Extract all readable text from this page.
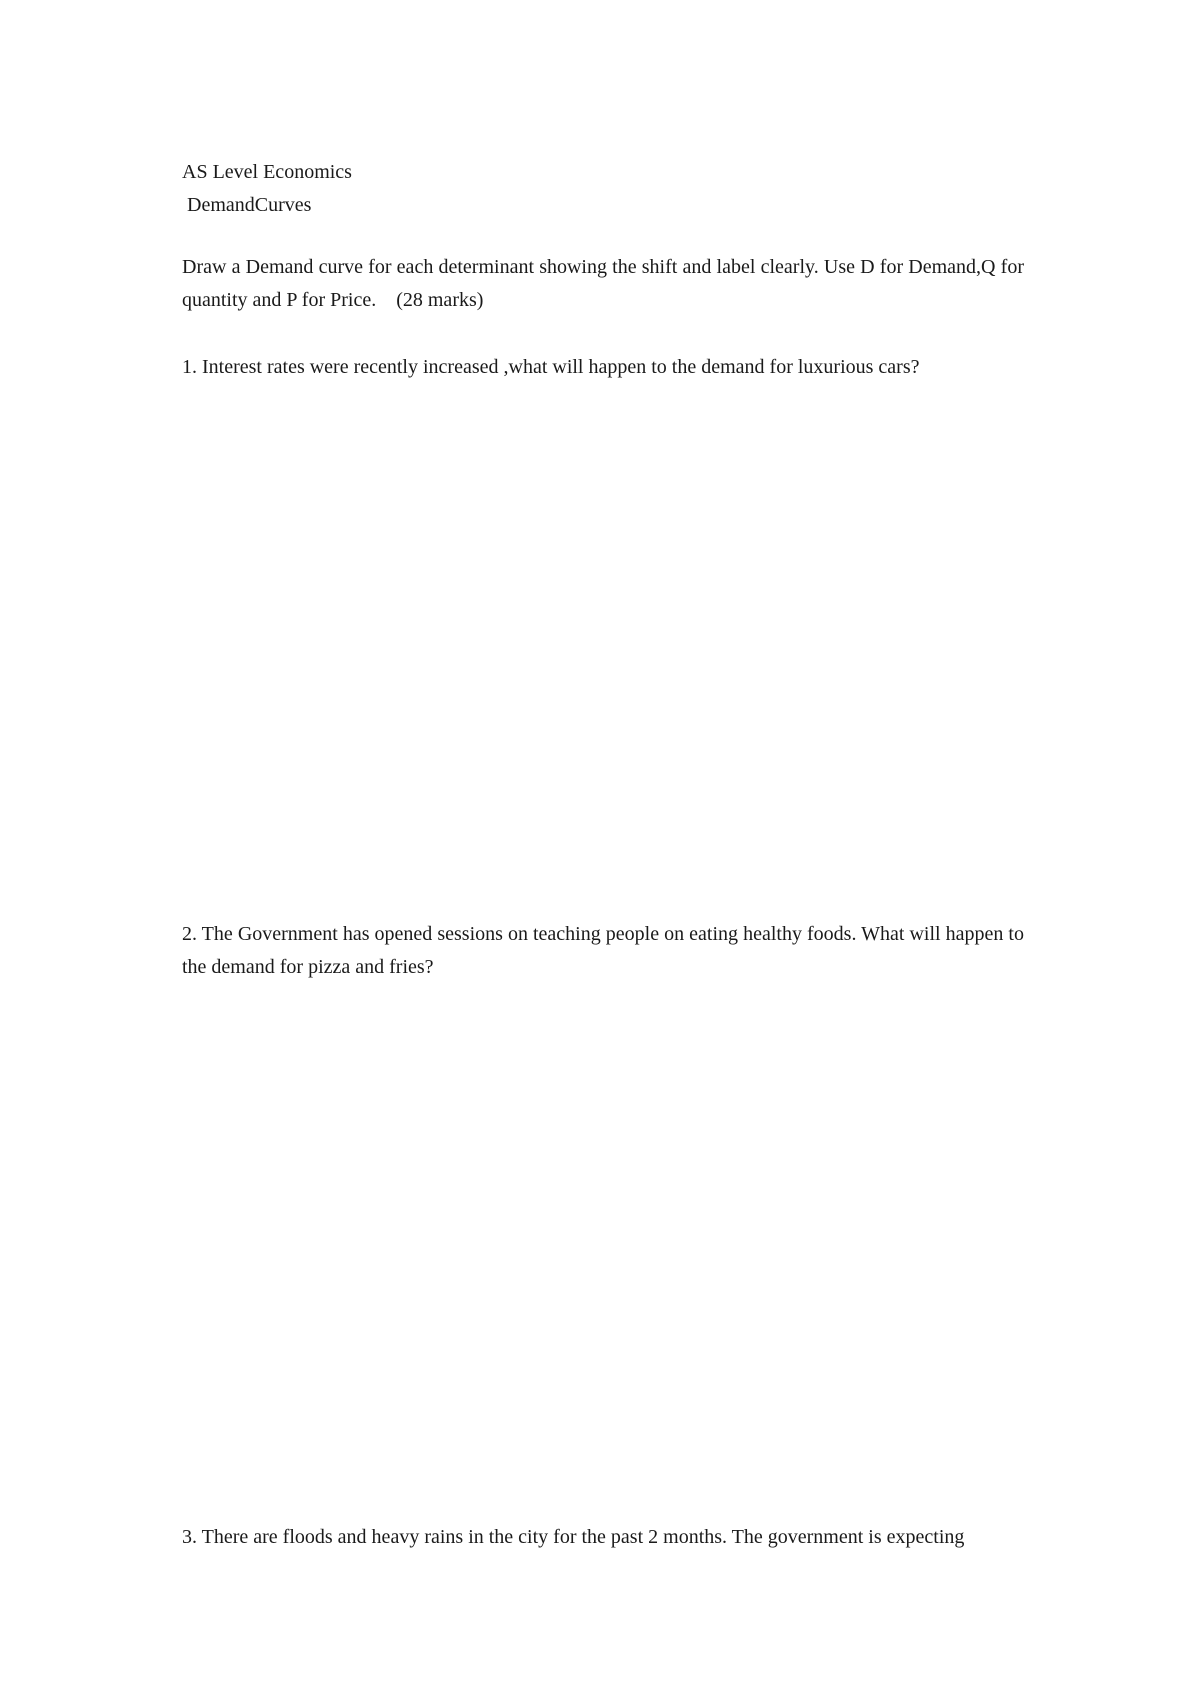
AS Level Economics
DemandCurves

Draw a Demand curve for each determinant showing the shift and label clearly. Use D for Demand,Q for quantity and P for Price.    (28 marks)

1. Interest rates were recently increased ,what will happen to the demand for luxurious cars?

2. The Government has opened sessions on teaching people on eating healthy foods. What will happen to the demand for pizza and fries?

3. There are floods and heavy rains in the city for the past 2 months. The government is expecting
